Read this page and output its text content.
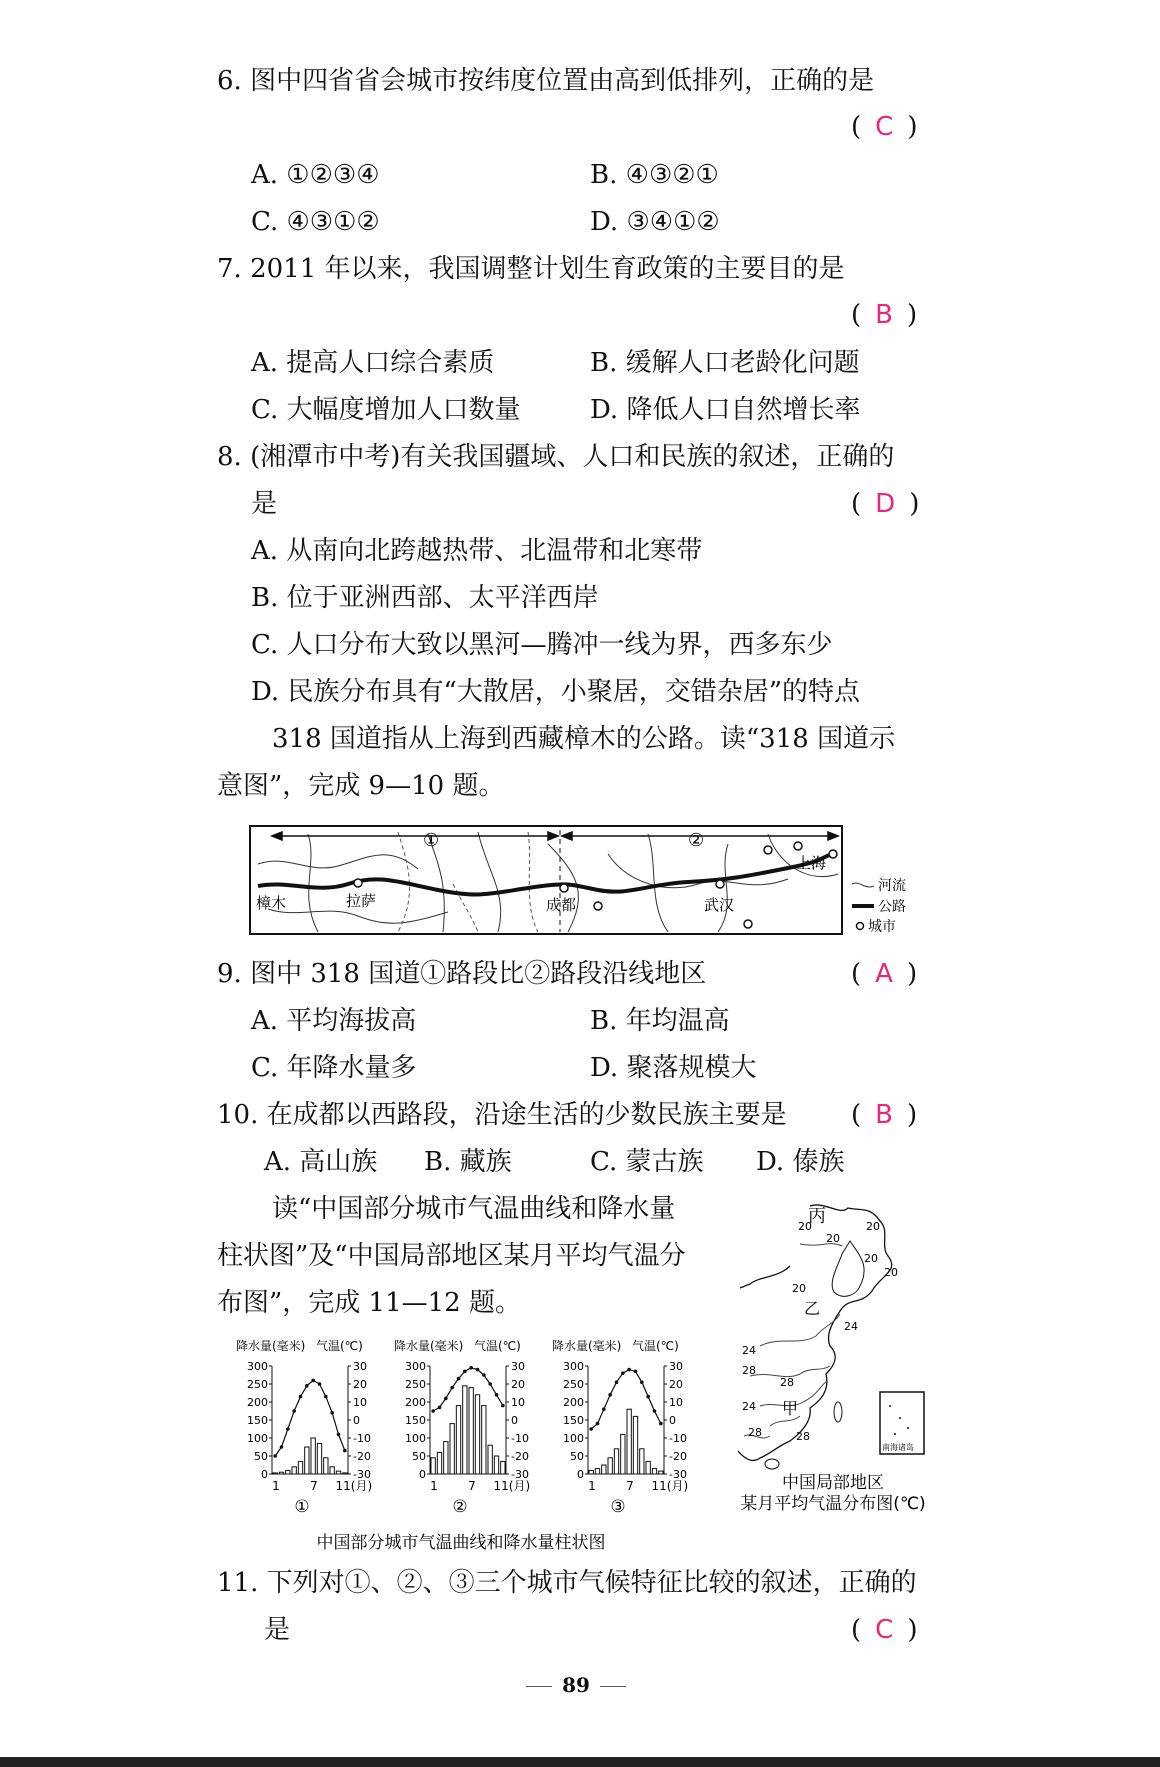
6. 图中四省省会城市按纬度位置由高到低排列，正确的是
( C )
A. ①②③④	B. ④③②①
C. ④③①②	D. ③④①②
7. 2011 年以来，我国调整计划生育政策的主要目的是
( B )
A. 提高人口综合素质	B. 缓解人口老龄化问题
C. 大幅度增加人口数量	D. 降低人口自然增长率
8. (湘潭市中考)有关我国疆域、人口和民族的叙述，正确的
是	( D )
A. 从南向北跨越热带、北温带和北寒带
B. 位于亚洲西部、太平洋西岸
C. 人口分布大致以黑河—腾冲一线为界，西多东少
D. 民族分布具有“大散居，小聚居，交错杂居”的特点
318 国道指从上海到西藏樟木的公路。读“318 国道示
意图”，完成 9—10 题。
①	②
樟木	拉萨	成都	武汉
上海
河流
公路
城市
9. 图中 318 国道①路段比②路段沿线地区	( A )
A. 平均海拔高	B. 年均温高
C. 年降水量多	D. 聚落规模大
10. 在成都以西路段，沿途生活的少数民族主要是 ( B )
A. 高山族 B. 藏族	C. 蒙古族 D. 傣族
读“中国部分城市气温曲线和降水量
柱状图”及“中国局部地区某月平均气温分
布图”，完成 11—12 题。
中国部分城市气温曲线和降水量柱状图
降水量(毫米) 气温(℃)
300
250
200
150
100
50
0
30
20
10
0
-10
-20
-30
1	7 11(月)
①
降水量(毫米) 气温(℃)
300
250
200
150
100
50
0
30
20
10
0
-10
-20
-30
1	7 11(月)
②
降水量(毫米) 气温(℃)
300
250
200
150
100
50
0
30
20
10
0
-10
-20
-30
1	7 11(月)
③
南海诸岛
丙
乙
甲
20	20
20
20
20
20
24
24
28
28
24
28	28
中国局部地区
某月平均气温分布图(℃)
11. 下列对①、②、③三个城市气候特征比较的叙述，正确的
是	( C )
89
